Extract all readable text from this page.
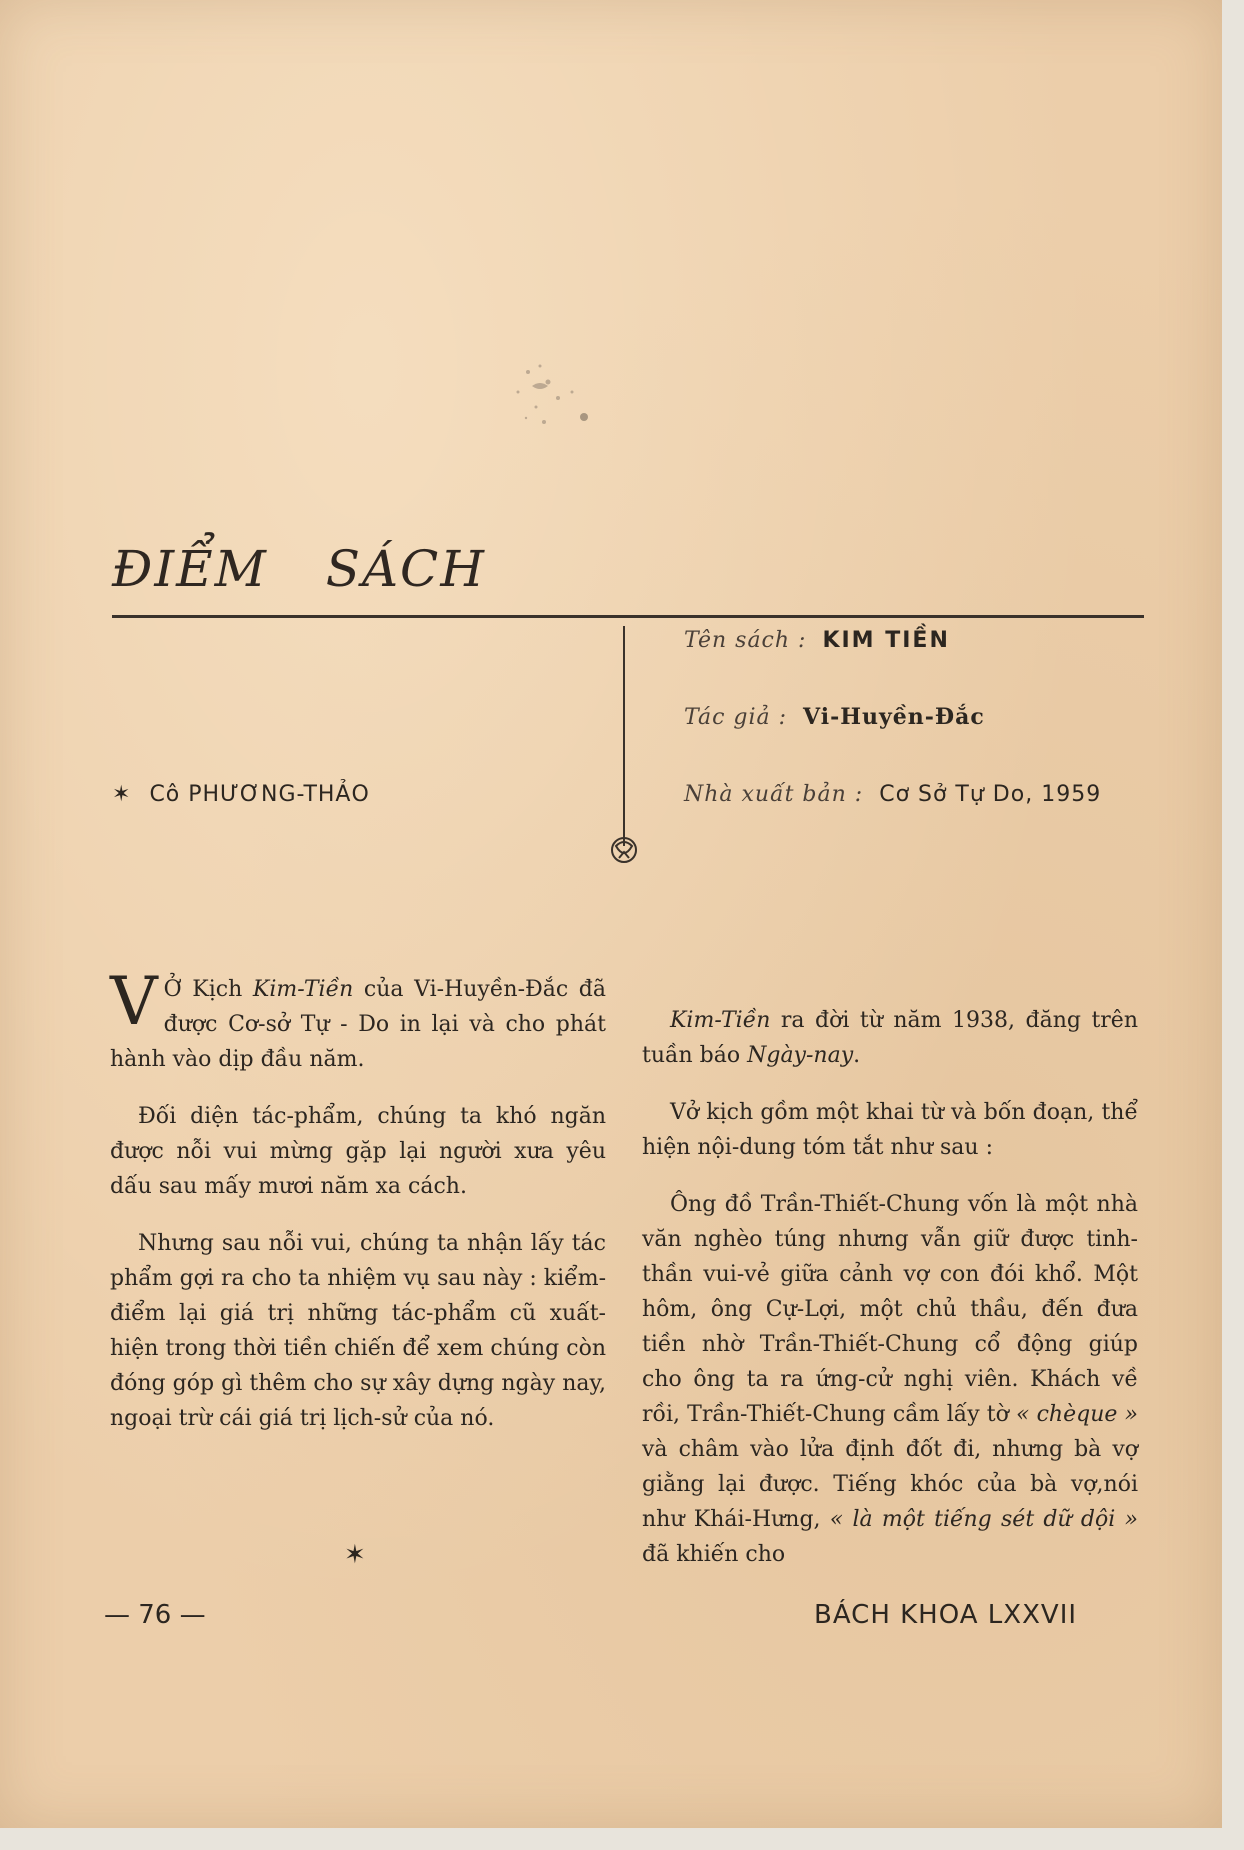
ĐIỂM SÁCH
Tên sách : KIM TIỀN
Tác giả : Vi-Huyền-Đắc
Nhà xuất bản : Cơ Sở Tự Do, 1959
✶ Cô PHƯƠNG-THẢO

V Ở Kịch Kim-Tiền của Vi-Huyền-Đắc đã được Cơ-sở Tự - Do in lại và cho phát hành vào dịp đầu năm.

Đối diện tác-phẩm, chúng ta khó ngăn được nỗi vui mừng gặp lại người xưa yêu dấu sau mấy mươi năm xa cách.

Nhưng sau nỗi vui, chúng ta nhận lấy tác phẩm gợi ra cho ta nhiệm vụ sau này : kiểm-điểm lại giá trị những tác-phẩm cũ xuất-hiện trong thời tiền chiến để xem chúng còn đóng góp gì thêm cho sự xây dựng ngày nay, ngoại trừ cái giá trị lịch-sử của nó.

✶

Kim-Tiền ra đời từ năm 1938, đăng trên tuần báo Ngày-nay.

Vở kịch gồm một khai từ và bốn đoạn, thể hiện nội-dung tóm tắt như sau :

Ông đồ Trần-Thiết-Chung vốn là một nhà văn nghèo túng nhưng vẫn giữ được tinh-thần vui-vẻ giữa cảnh vợ con đói khổ. Một hôm, ông Cự-Lợi, một chủ thầu, đến đưa tiền nhờ Trần-Thiết-Chung cổ động giúp cho ông ta ra ứng-cử nghị viên. Khách về rồi, Trần-Thiết-Chung cầm lấy tờ « chèque » và châm vào lửa định đốt đi, nhưng bà vợ giằng lại được. Tiếng khóc của bà vợ,nói như Khái-Hưng, « là một tiếng sét dữ dội » đã khiến cho

— 76 —	BÁCH KHOA LXXVII
